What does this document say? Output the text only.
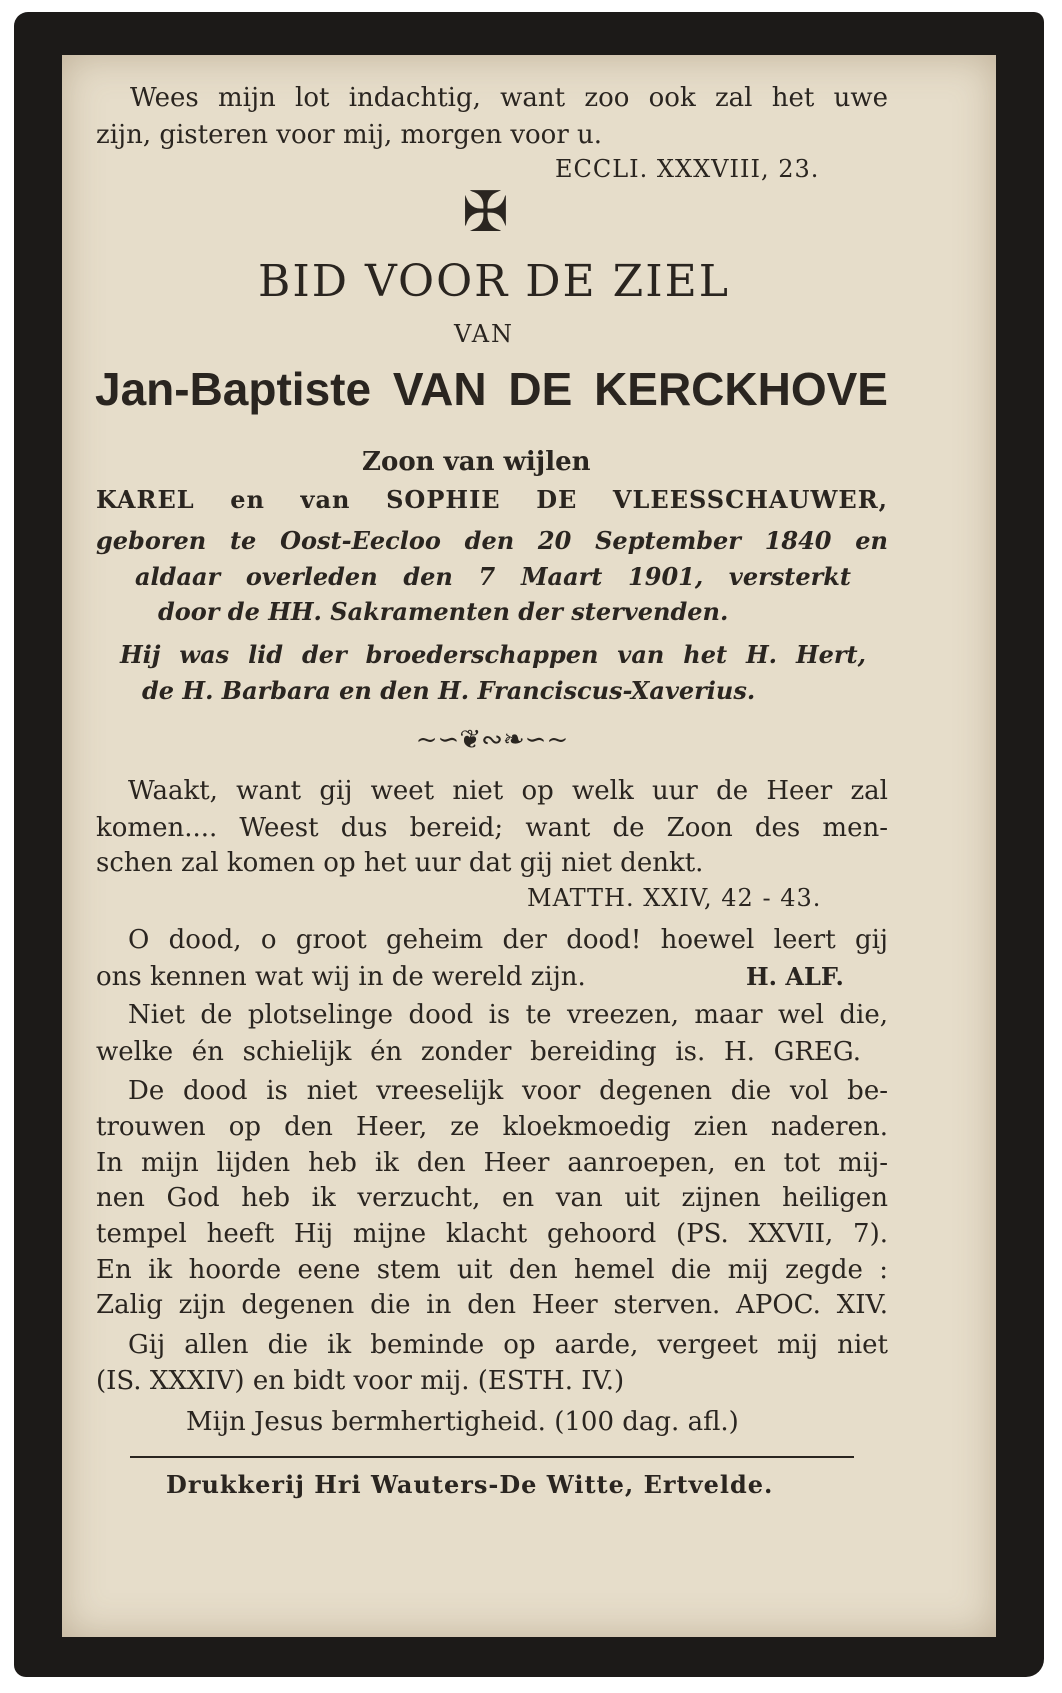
Wees mijn lot indachtig, want zoo ook zal het uwe
zijn, gisteren voor mij, morgen voor u.
ECCLI. XXXVIII, 23.
✠
BID VOOR DE ZIEL
VAN
Jan-Baptiste VAN DE KERCKHOVE
Zoon van wijlen
KAREL en van SOPHIE DE VLEESSCHAUWER,
geboren te Oost-Eecloo den 20 September 1840 en
aldaar overleden den 7 Maart 1901, versterkt
door de HH. Sakramenten der stervenden.
Hij was lid der broederschappen van het H. Hert,
de H. Barbara en den H. Franciscus-Xaverius.
~∽❦∾❧∽~
Waakt, want gij weet niet op welk uur de Heer zal
komen.... Weest dus bereid; want de Zoon des men-
schen zal komen op het uur dat gij niet denkt.
MATTH. XXIV, 42 - 43.
O dood, o groot geheim der dood! hoewel leert gij
ons kennen wat wij in de wereld zijn.	H. ALF.
Niet de plotselinge dood is te vreezen, maar wel die,
welke én schielijk én zonder bereiding is. H. GREG.
De dood is niet vreeselijk voor degenen die vol be-
trouwen op den Heer, ze kloekmoedig zien naderen.
In mijn lijden heb ik den Heer aanroepen, en tot mij-
nen God heb ik verzucht, en van uit zijnen heiligen
tempel heeft Hij mijne klacht gehoord (PS. XXVII, 7).
En ik hoorde eene stem uit den hemel die mij zegde :
Zalig zijn degenen die in den Heer sterven. APOC. XIV.
Gij allen die ik beminde op aarde, vergeet mij niet
(IS. XXXIV) en bidt voor mij. (ESTH. IV.)
Mijn Jesus bermhertigheid. (100 dag. afl.)
Drukkerij Hri Wauters-De Witte, Ertvelde.
